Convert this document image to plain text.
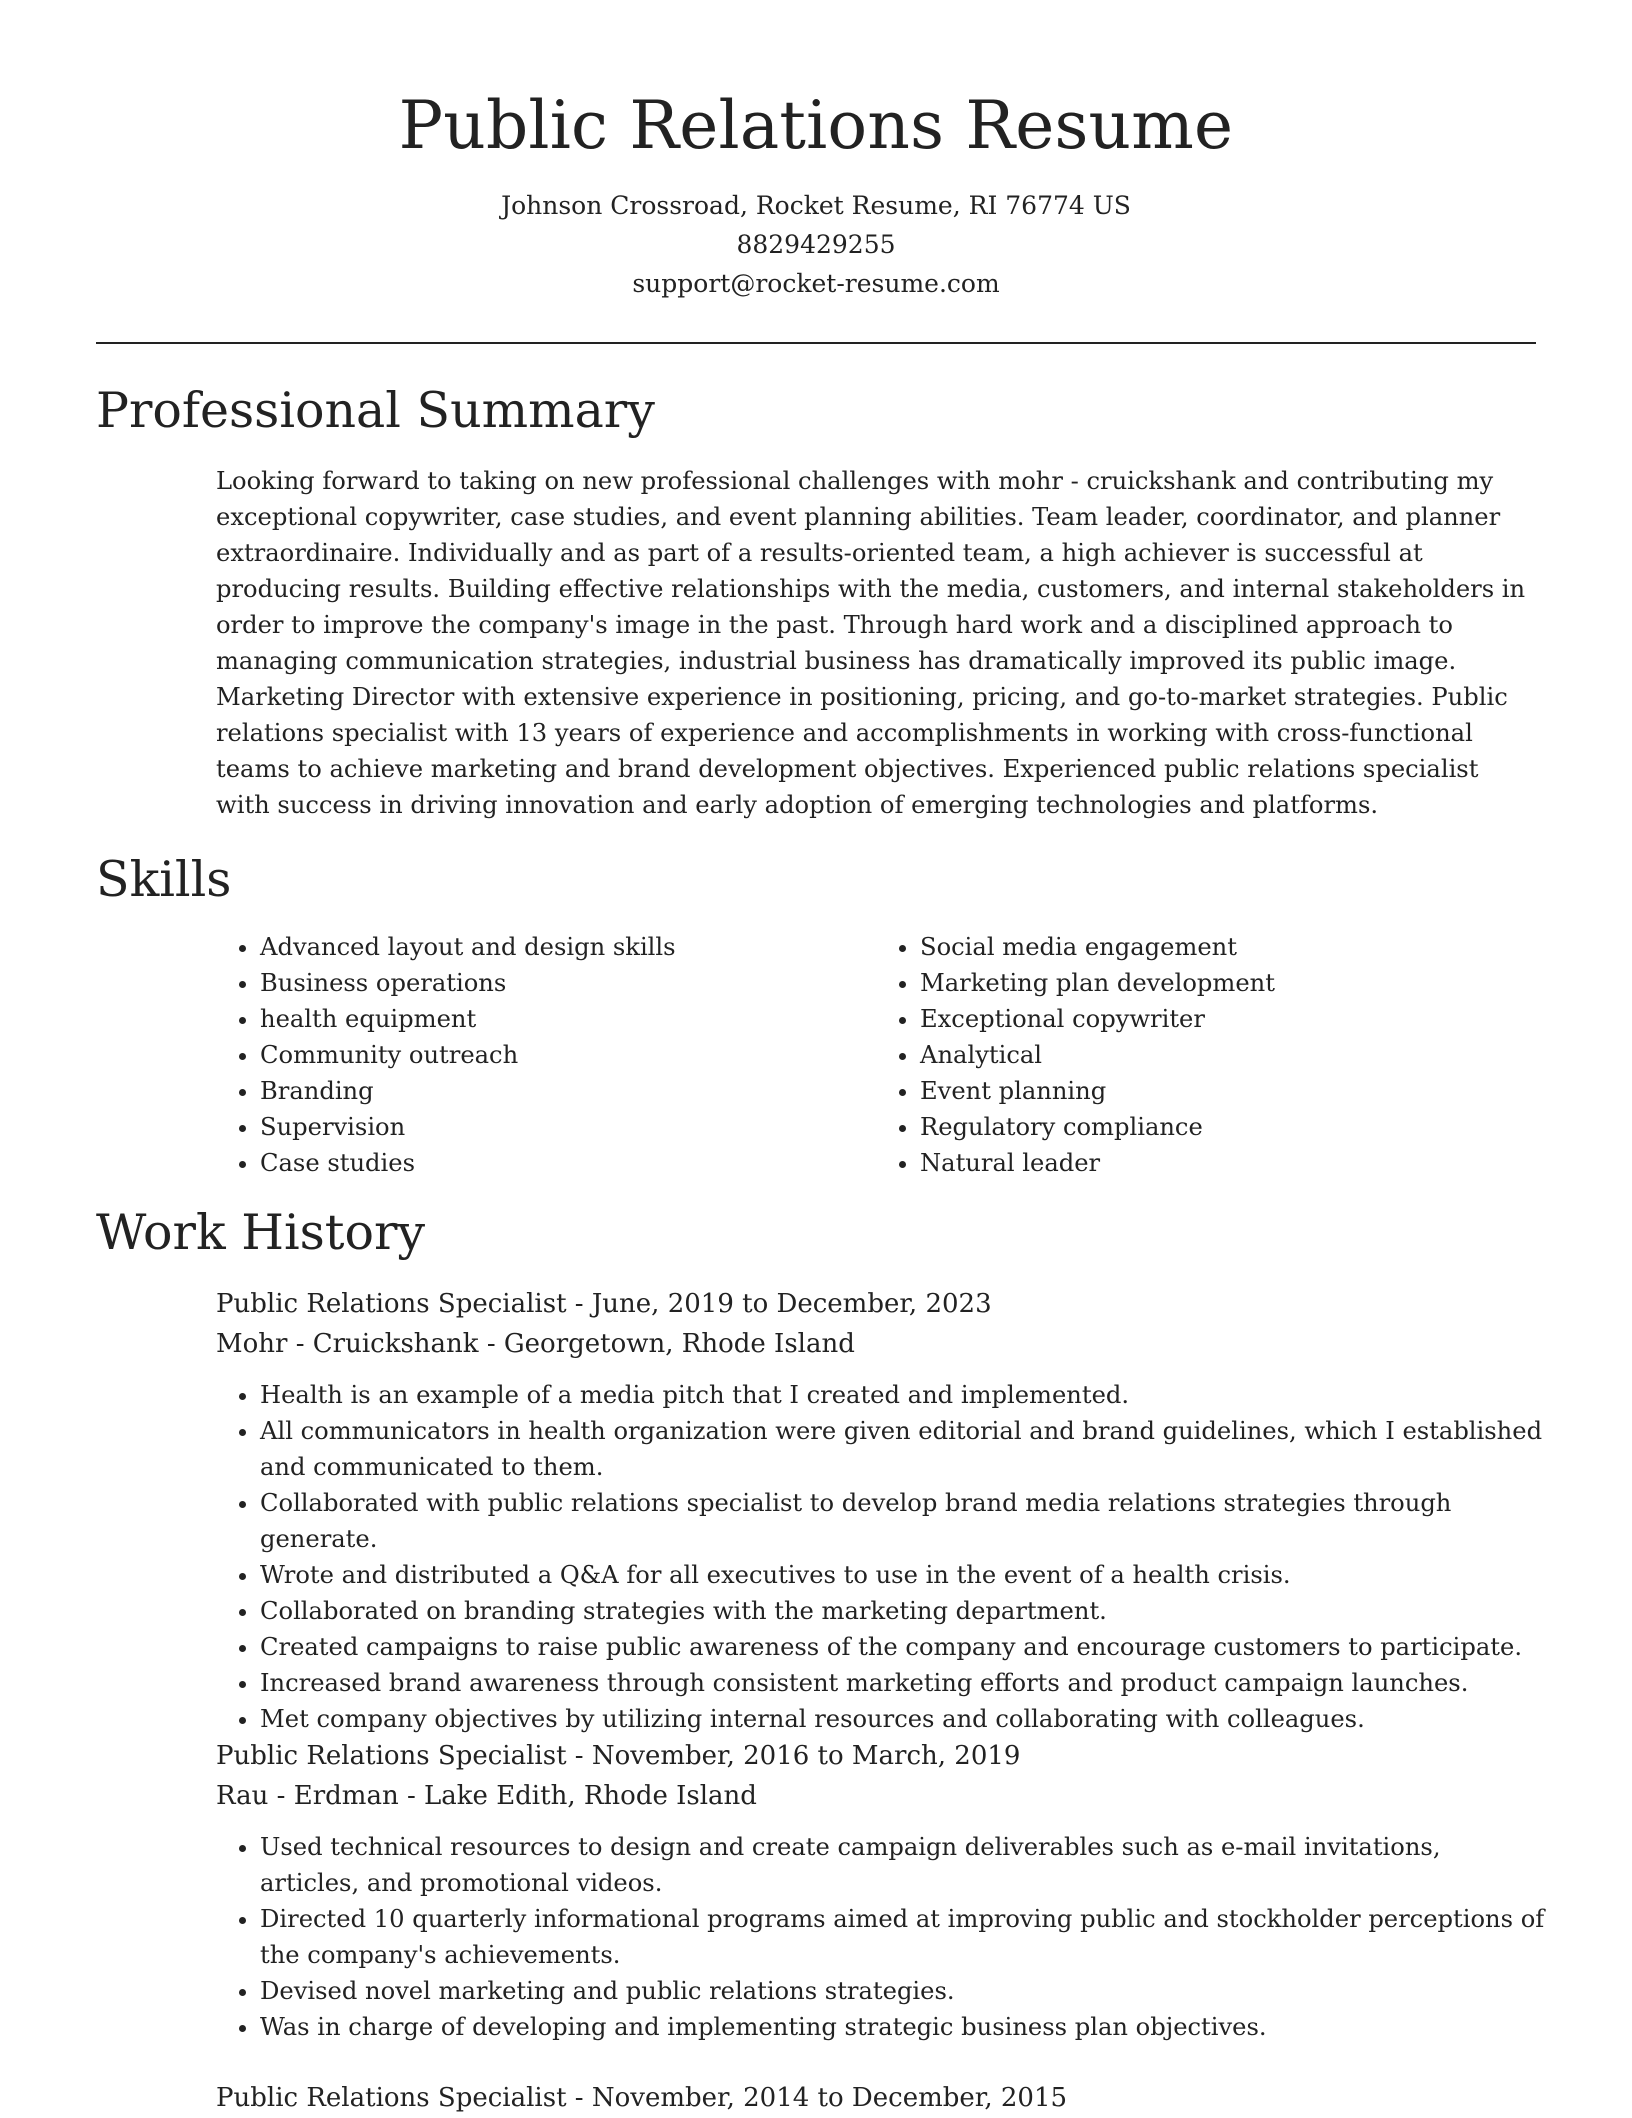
Public Relations Resume
Johnson Crossroad, Rocket Resume, RI 76774 US
8829429255
support@rocket-resume.com
Professional Summary

Looking forward to taking on new professional challenges with mohr - cruickshank and contributing my exceptional copywriter, case studies, and event planning abilities. Team leader, coordinator, and planner extraordinaire. Individually and as part of a results-oriented team, a high achiever is successful at producing results. Building effective relationships with the media, customers, and internal stakeholders in order to improve the company's image in the past. Through hard work and a disciplined approach to managing communication strategies, industrial business has dramatically improved its public image. Marketing Director with extensive experience in positioning, pricing, and go-to-market strategies. Public relations specialist with 13 years of experience and accomplishments in working with cross-functional teams to achieve marketing and brand development objectives. Experienced public relations specialist with success in driving innovation and early adoption of emerging technologies and platforms.

Skills
• Advanced layout and design skills
• Business operations
• health equipment
• Community outreach
• Branding
• Supervision
• Case studies
• Social media engagement
• Marketing plan development
• Exceptional copywriter
• Analytical
• Event planning
• Regulatory compliance
• Natural leader
Work History
Public Relations Specialist - June, 2019 to December, 2023
Mohr - Cruickshank - Georgetown, Rhode Island
• Health is an example of a media pitch that I created and implemented.
• All communicators in health organization were given editorial and brand guidelines, which I established and communicated to them.
• Collaborated with public relations specialist to develop brand media relations strategies through generate.
• Wrote and distributed a Q&A for all executives to use in the event of a health crisis.
• Collaborated on branding strategies with the marketing department.
• Created campaigns to raise public awareness of the company and encourage customers to participate.
• Increased brand awareness through consistent marketing efforts and product campaign launches.
• Met company objectives by utilizing internal resources and collaborating with colleagues.
Public Relations Specialist - November, 2016 to March, 2019
Rau - Erdman - Lake Edith, Rhode Island
• Used technical resources to design and create campaign deliverables such as e-mail invitations, articles, and promotional videos.
• Directed 10 quarterly informational programs aimed at improving public and stockholder perceptions of the company's achievements.
• Devised novel marketing and public relations strategies.
• Was in charge of developing and implementing strategic business plan objectives.
Public Relations Specialist - November, 2014 to December, 2015
